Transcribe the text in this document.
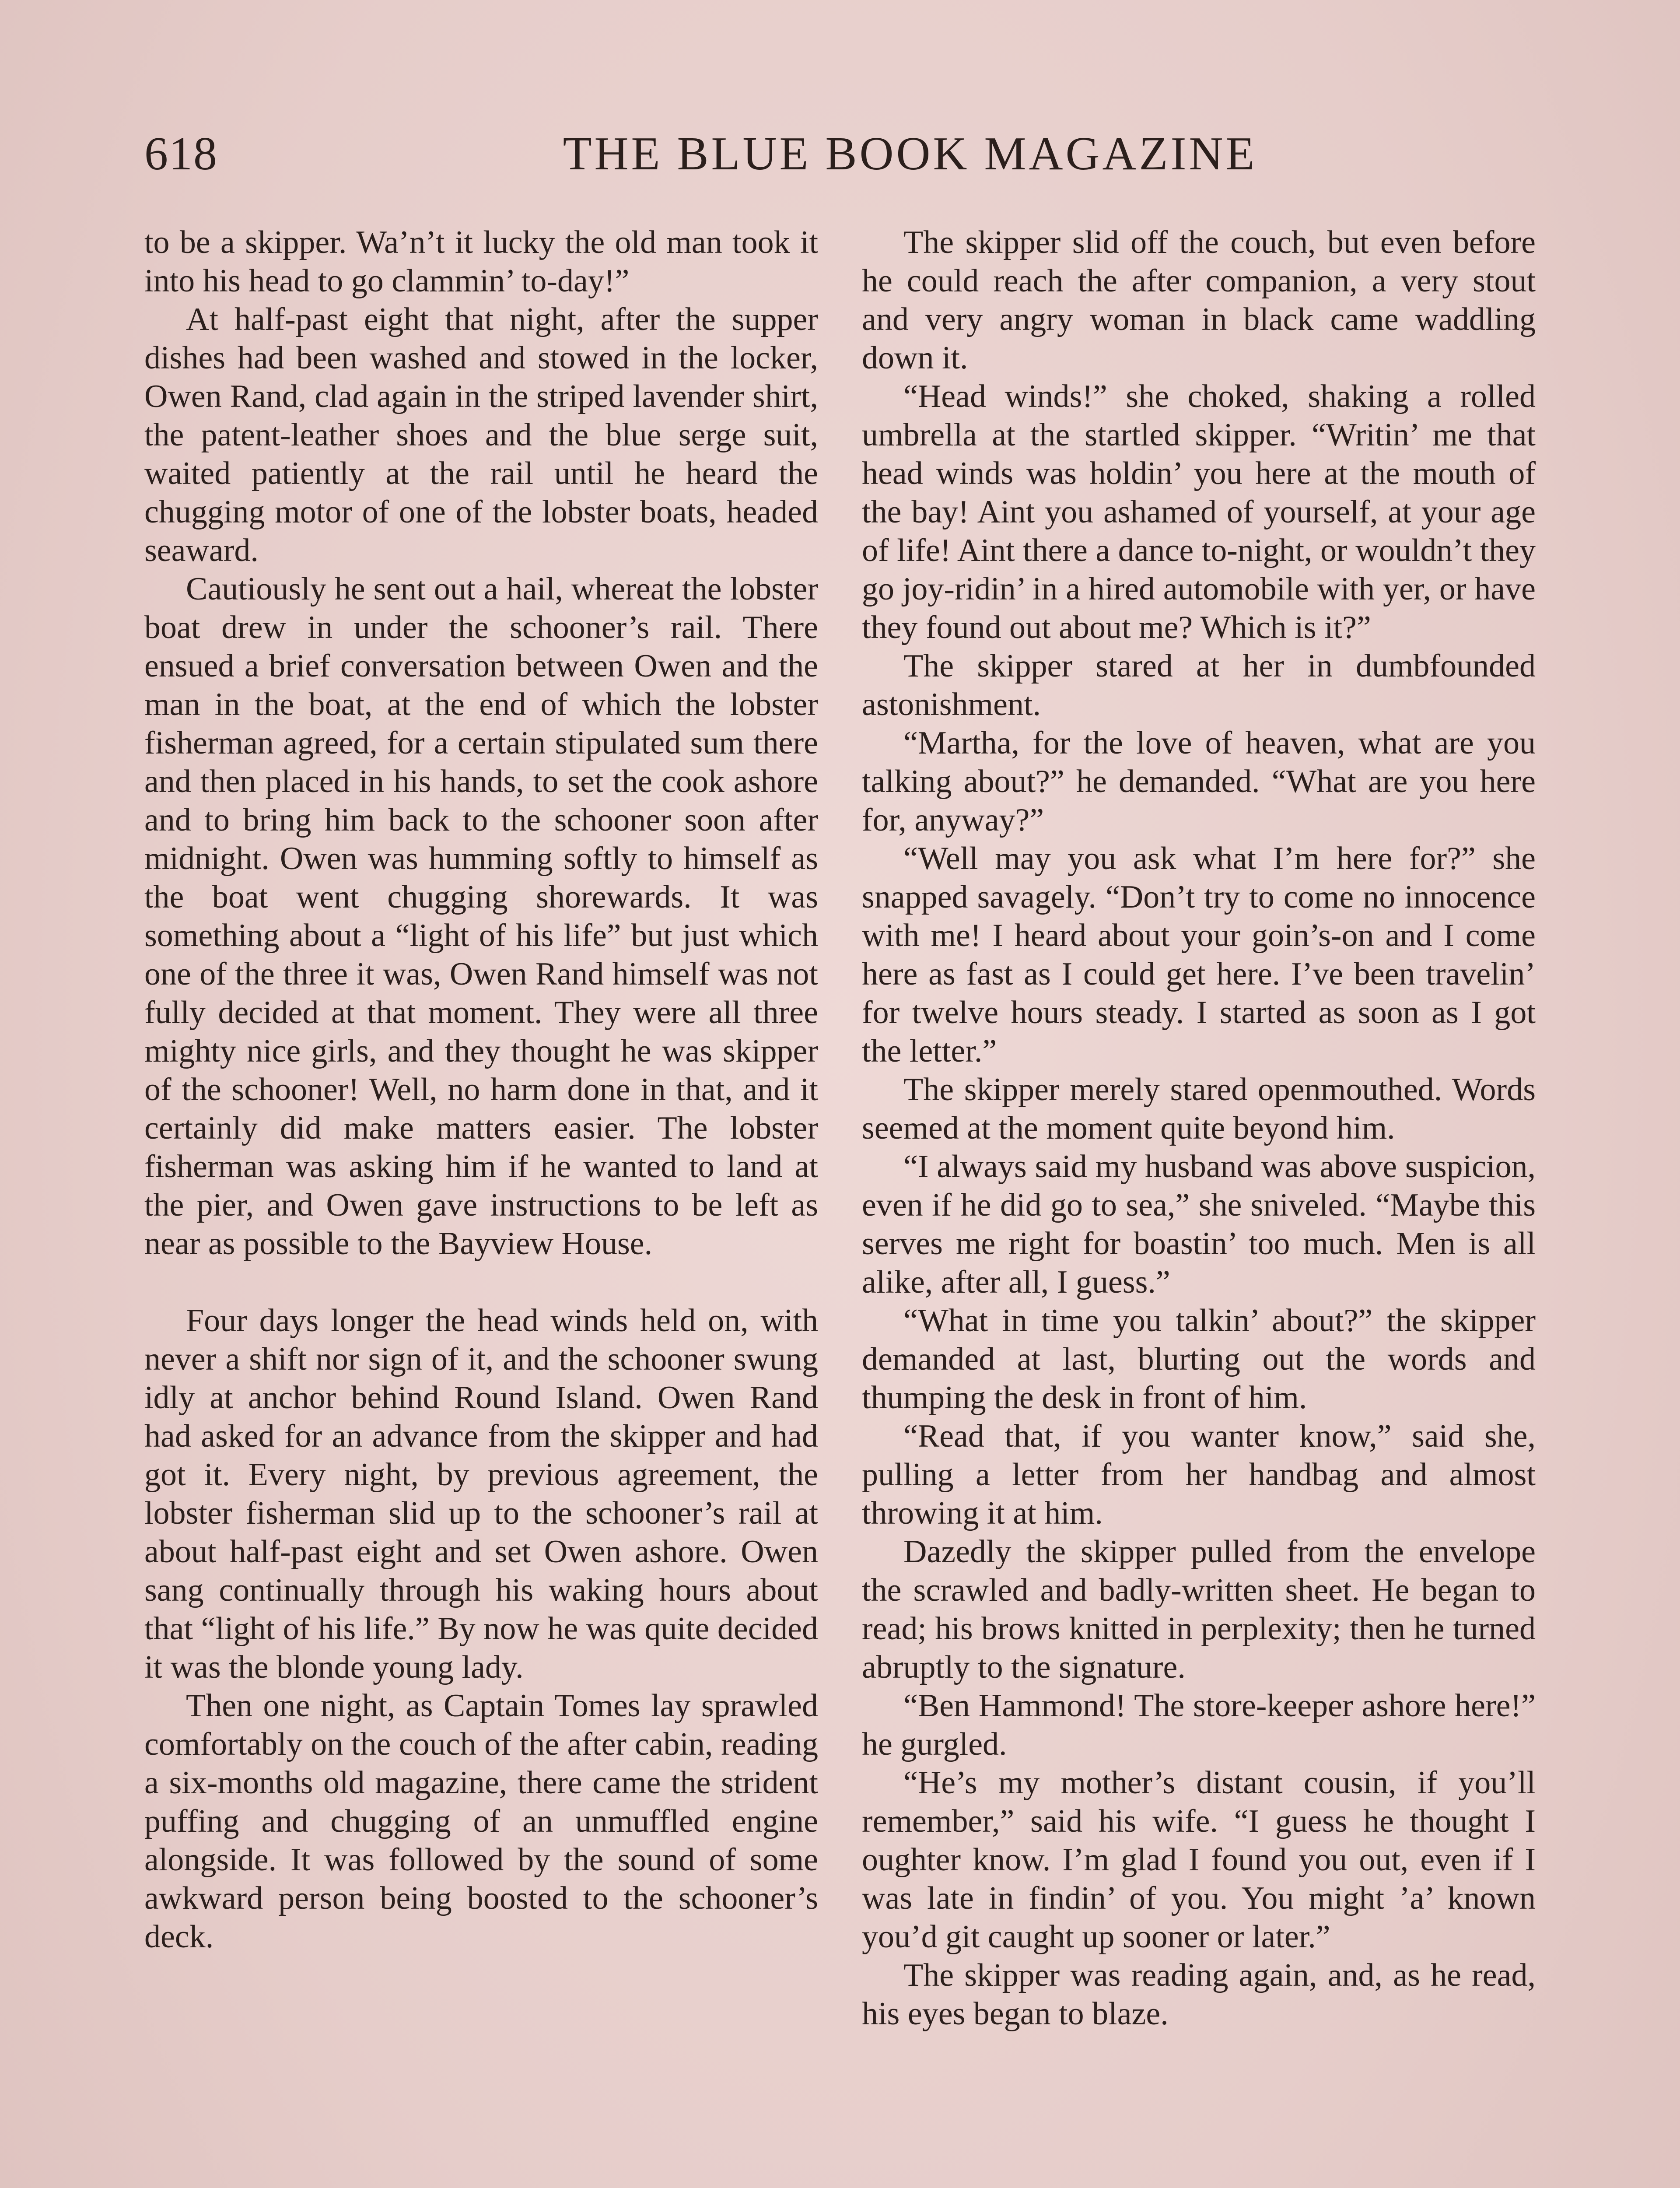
618	THE BLUE BOOK MAGAZINE

to be a skipper. Wa’n’t it lucky the old man took it into his head to go clammin’ to-day!”

At half-past eight that night, after the supper dishes had been washed and stowed in the locker, Owen Rand, clad again in the striped lavender shirt, the patent-leather shoes and the blue serge suit, waited patiently at the rail until he heard the chugging motor of one of the lobster boats, headed seaward.

Cautiously he sent out a hail, whereat the lobster boat drew in under the schooner’s rail. There ensued a brief conversation between Owen and the man in the boat, at the end of which the lobster fisherman agreed, for a certain stipulated sum there and then placed in his hands, to set the cook ashore and to bring him back to the schooner soon after midnight. Owen was humming softly to himself as the boat went chugging shorewards. It was something about a “light of his life” but just which one of the three it was, Owen Rand himself was not fully decided at that moment. They were all three mighty nice girls, and they thought he was skipper of the schooner! Well, no harm done in that, and it certainly did make matters easier. The lobster fisherman was asking him if he wanted to land at the pier, and Owen gave instructions to be left as near as possible to the Bayview House.

Four days longer the head winds held on, with never a shift nor sign of it, and the schooner swung idly at anchor behind Round Island. Owen Rand had asked for an advance from the skipper and had got it. Every night, by previous agreement, the lobster fisherman slid up to the schooner’s rail at about half-past eight and set Owen ashore. Owen sang continually through his waking hours about that “light of his life.” By now he was quite decided it was the blonde young lady.

Then one night, as Captain Tomes lay sprawled comfortably on the couch of the after cabin, reading a six-months old magazine, there came the strident puffing and chugging of an unmuffled engine alongside. It was followed by the sound of some awkward person being boosted to the schooner’s deck.

The skipper slid off the couch, but even before he could reach the after companion, a very stout and very angry woman in black came waddling down it.

“Head winds!” she choked, shaking a rolled umbrella at the startled skipper. “Writin’ me that head winds was holdin’ you here at the mouth of the bay! Aint you ashamed of yourself, at your age of life! Aint there a dance to-night, or wouldn’t they go joy-ridin’ in a hired automobile with yer, or have they found out about me? Which is it?”

The skipper stared at her in dumbfounded astonishment.

“Martha, for the love of heaven, what are you talking about?” he demanded. “What are you here for, anyway?”

“Well may you ask what I’m here for?” she snapped savagely. “Don’t try to come no innocence with me! I heard about your goin’s-on and I come here as fast as I could get here. I’ve been travelin’ for twelve hours steady. I started as soon as I got the letter.”

The skipper merely stared openmouthed. Words seemed at the moment quite beyond him.

“I always said my husband was above suspicion, even if he did go to sea,” she sniveled. “Maybe this serves me right for boastin’ too much. Men is all alike, after all, I guess.”

“What in time you talkin’ about?” the skipper demanded at last, blurting out the words and thumping the desk in front of him.

“Read that, if you wanter know,” said she, pulling a letter from her handbag and almost throwing it at him.

Dazedly the skipper pulled from the envelope the scrawled and badly-written sheet. He began to read; his brows knitted in perplexity; then he turned abruptly to the signature.

“Ben Hammond! The store-keeper ashore here!” he gurgled.

“He’s my mother’s distant cousin, if you’ll remember,” said his wife. “I guess he thought I oughter know. I’m glad I found you out, even if I was late in findin’ of you. You might ’a’ known you’d git caught up sooner or later.”

The skipper was reading again, and, as he read, his eyes began to blaze.
